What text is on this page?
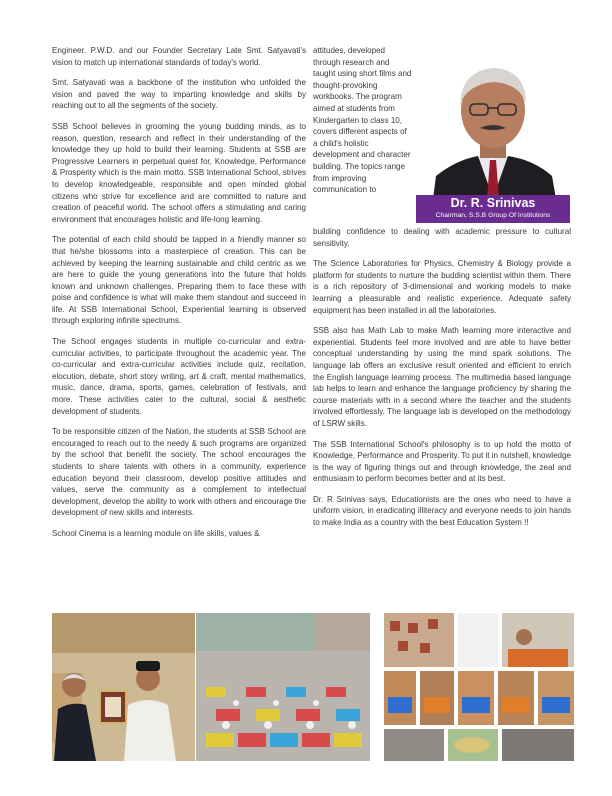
Engineer. P.W.D. and our Founder Secretary Late Smt. Satyavati's vision to match up international standards of today's world.

Smt. Satyavati was a backbone of the institution who unfolded the vision and paved the way to imparting knowledge and skills by reaching out to all the segments of the society.

SSB School believes in grooming the young budding minds, as to reason, question, research and reflect in their understanding of the knowledge they up hold to build their learning. Students at SSB are Progressive Learners in perpetual quest for, Knowledge, Performance & Prosperity which is the main motto. SSB International School, strives to develop knowledgeable, responsible and open minded global citizens who strive for excellence and are committed to nature and creation of peaceful world. The school offers a stimulating and caring environment that encourages holistic and life-long learning.

The potential of each child should be tapped in a friendly manner so that he/she blossoms into a masterpiece of creation. This can be achieved by keeping the learning sustainable and child centric as we are here to guide the young generations into the future that holds known and unknown challenges. Preparing them to face these with poise and confidence is what will make them standout and succeed in life. At SSB International School, Experiential learning is observed through exploring infinite spectrums.

The School engages students in multiple co-curricular and extra-curricular activities, to participate throughout the academic year. The co-curricular and extra-curricular activities include quiz, recitation, elocution, debate, short story writing, art & craft, mental mathematics, music, dance, drama, sports, games, celebration of festivals, and more. These activities cater to the cultural, social & aesthetic development of students.

To be responsible citizen of the Nation, the students at SSB School are encouraged to reach out to the needy & such programs are organized by the school that benefit the society. The school encourages the students to share talents with others in a community, experience education beyond their classroom, develop positive attitudes and values, serve the community as a complement to intellectual development, develop the ability to work with others and encourage the development of new skills and interests.

School Cinema is a learning module on life skills, values &

attitudes, developed through research and taught using short films and thought-provoking workbooks. The program aimed at students from Kindergarten to class 10, covers different aspects of a child's holistic development and character building. The topics range from improving communication to

Dr. R. Srinivas
Chairman, S.S.B Group Of Institutions

building confidence to dealing with academic pressure to cultural sensitivity.

The Science Laboratories for Physics, Chemistry & Biology provide a platform for students to nurture the budding scientist within them. There is a rich repository of 3-dimensional and working models to make learning a pleasurable and realistic experience. Adequate safety equipment has been installed in all the laboratories.

SSB also has Math Lab to make Math learning more interactive and experiential. Students feel more involved and are able to have better conceptual understanding by using the mind spark solutions. The language lab offers an exclusive result oriented and efficient to enrich the English language learning process. The multimedia based language lab helps to learn and enhance the language proficiency by sharing the course materials with in a second where the teacher and the students involved effortlessly. The language lab is developed on the methodology of LSRW skills.

The SSB International School's philosophy is to up hold the motto of Knowledge, Performance and Prosperity. To put it in nutshell, knowledge is the way of figuring things out and through knowledge, the zeal and enthusiasm to perform becomes better and at its best.

Dr. R Srinivas says, Educationists are the ones who need to have a uniform vision, in eradicating illiteracy and everyone needs to join hands to make India as a country with the best Education System !!
